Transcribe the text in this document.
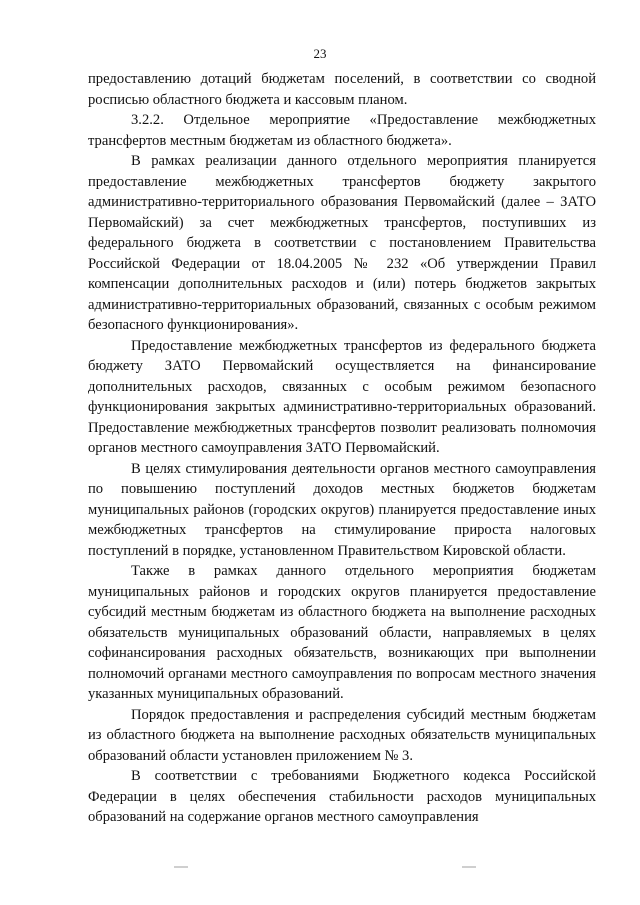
23

предоставлению дотаций бюджетам поселений, в соответствии со сводной росписью областного бюджета и кассовым планом.

3.2.2. Отдельное мероприятие «Предоставление межбюджетных трансфертов местным бюджетам из областного бюджета».

В рамках реализации данного отдельного мероприятия планируется предоставление межбюджетных трансфертов бюджету закрытого административно-территориального образования Первомайский (далее – ЗАТО Первомайский) за счет межбюджетных трансфертов, поступивших из федерального бюджета в соответствии с постановлением Правительства Российской Федерации от 18.04.2005 № 232 «Об утверждении Правил компенсации дополнительных расходов и (или) потерь бюджетов закрытых административно-территориальных образований, связанных с особым режимом безопасного функционирования».

Предоставление межбюджетных трансфертов из федерального бюджета бюджету ЗАТО Первомайский осуществляется на финансирование дополнительных расходов, связанных с особым режимом безопасного функционирования закрытых административно-территориальных образований. Предоставление межбюджетных трансфертов позволит реализовать полномочия органов местного самоуправления ЗАТО Первомайский.

В целях стимулирования деятельности органов местного самоуправления по повышению поступлений доходов местных бюджетов бюджетам муниципальных районов (городских округов) планируется предоставление иных межбюджетных трансфертов на стимулирование прироста налоговых поступлений в порядке, установленном Правительством Кировской области.

Также в рамках данного отдельного мероприятия бюджетам муниципальных районов и городских округов планируется предоставление субсидий местным бюджетам из областного бюджета на выполнение расходных обязательств муниципальных образований области, направляемых в целях софинансирования расходных обязательств, возникающих при выполнении полномочий органами местного самоуправления по вопросам местного значения указанных муниципальных образований.

Порядок предоставления и распределения субсидий местным бюджетам из областного бюджета на выполнение расходных обязательств муниципальных образований области установлен приложением № 3.

В соответствии с требованиями Бюджетного кодекса Российской Федерации в целях обеспечения стабильности расходов муниципальных образований на содержание органов местного самоуправления
